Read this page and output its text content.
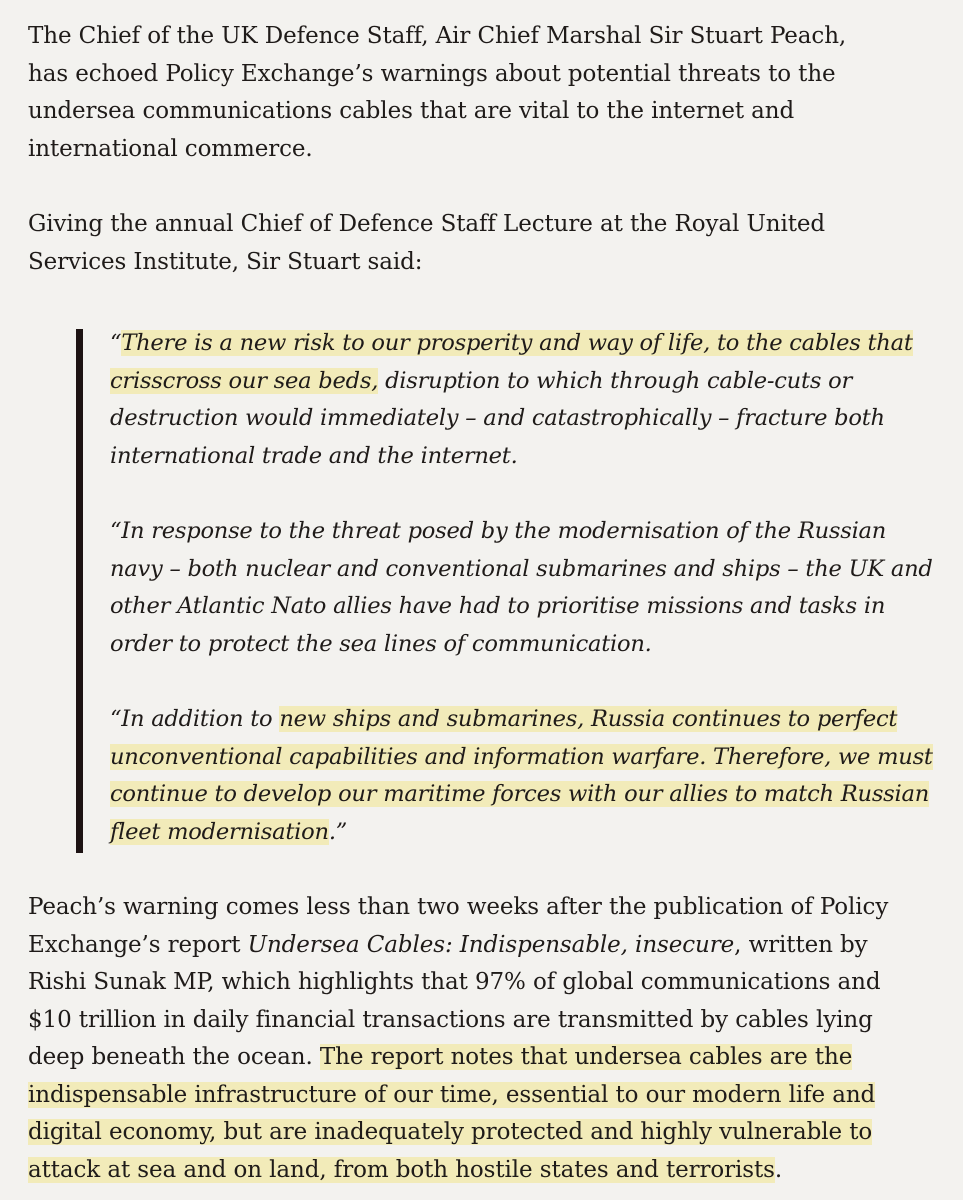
The Chief of the UK Defence Staff, Air Chief Marshal Sir Stuart Peach, has echoed Policy Exchange’s warnings about potential threats to the undersea communications cables that are vital to the internet and international commerce.

Giving the annual Chief of Defence Staff Lecture at the Royal United Services Institute, Sir Stuart said:

“There is a new risk to our prosperity and way of life, to the cables that crisscross our sea beds, disruption to which through cable-cuts or destruction would immediately – and catastrophically – fracture both international trade and the internet.

“In response to the threat posed by the modernisation of the Russian navy – both nuclear and conventional submarines and ships – the UK and other Atlantic Nato allies have had to prioritise missions and tasks in order to protect the sea lines of communication.

“In addition to new ships and submarines, Russia continues to perfect unconventional capabilities and information warfare. Therefore, we must continue to develop our maritime forces with our allies to match Russian fleet modernisation.”

Peach’s warning comes less than two weeks after the publication of Policy Exchange’s report Undersea Cables: Indispensable, insecure, written by Rishi Sunak MP, which highlights that 97% of global communications and $10 trillion in daily financial transactions are transmitted by cables lying deep beneath the ocean. The report notes that undersea cables are the indispensable infrastructure of our time, essential to our modern life and digital economy, but are inadequately protected and highly vulnerable to attack at sea and on land, from both hostile states and terrorists.
